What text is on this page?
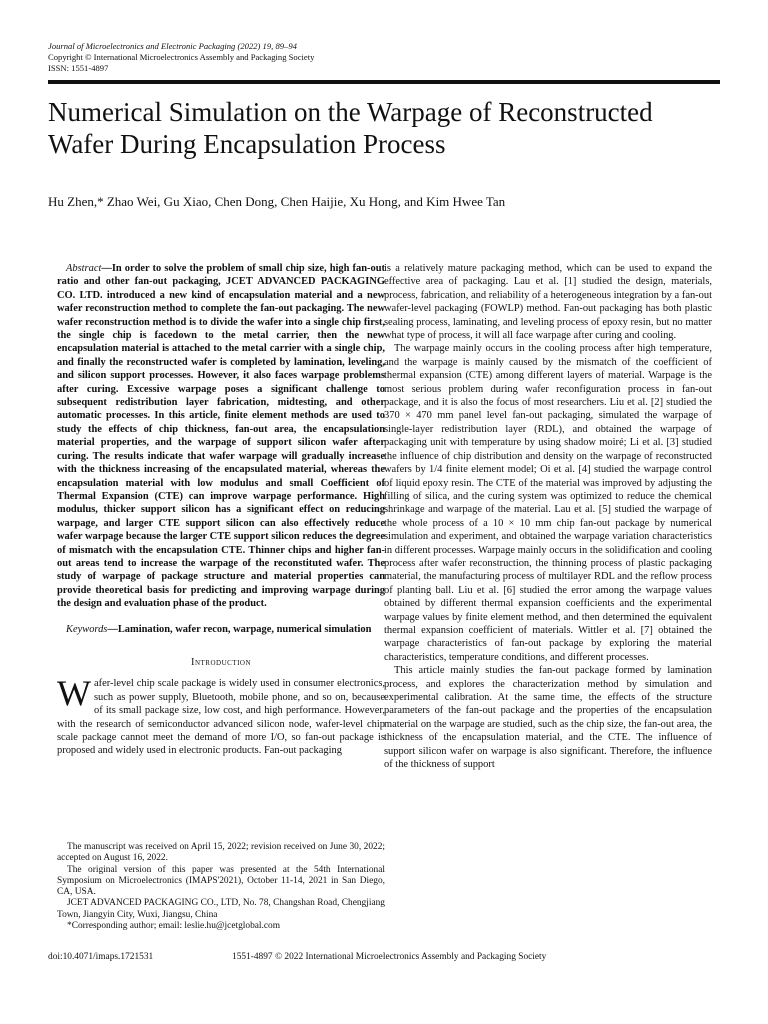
Journal of Microelectronics and Electronic Packaging (2022) 19, 89–94
Copyright © International Microelectronics Assembly and Packaging Society
ISSN: 1551-4897
Numerical Simulation on the Warpage of Reconstructed Wafer During Encapsulation Process
Hu Zhen,* Zhao Wei, Gu Xiao, Chen Dong, Chen Haijie, Xu Hong, and Kim Hwee Tan

Abstract—In order to solve the problem of small chip size, high fan-out ratio and other fan-out packaging, JCET ADVANCED PACKAGING CO. LTD. introduced a new kind of encapsulation material and a new wafer reconstruction method to complete the fan-out packaging. The new wafer reconstruction method is to divide the wafer into a single chip first, the single chip is facedown to the metal carrier, then the new encapsulation material is attached to the metal carrier with a single chip, and finally the reconstructed wafer is completed by lamination, leveling, and silicon support processes. However, it also faces warpage problems after curing. Excessive warpage poses a significant challenge to subsequent redistribution layer fabrication, midtesting, and other automatic processes. In this article, finite element methods are used to study the effects of chip thickness, fan-out area, the encapsulation material properties, and the warpage of support silicon wafer after curing. The results indicate that wafer warpage will gradually increase with the thickness increasing of the encapsulated material, whereas the encapsulation material with low modulus and small Coefficient of Thermal Expansion (CTE) can improve warpage performance. High modulus, thicker support silicon has a significant effect on reducing warpage, and larger CTE support silicon can also effectively reduce wafer warpage because the larger CTE support silicon reduces the degree of mismatch with the encapsulation CTE. Thinner chips and higher fan-out areas tend to increase the warpage of the reconstituted wafer. The study of warpage of package structure and material properties can provide theoretical basis for predicting and improving warpage during the design and evaluation phase of the product.

Keywords—Lamination, wafer recon, warpage, numerical simulation

Introduction

Wafer-level chip scale package is widely used in consumer electronics, such as power supply, Bluetooth, mobile phone, and so on, because of its small package size, low cost, and high performance. However, with the research of semiconductor advanced silicon node, wafer-level chip scale package cannot meet the demand of more I/O, so fan-out package is proposed and widely used in electronic products. Fan-out packaging

The manuscript was received on April 15, 2022; revision received on June 30, 2022; accepted on August 16, 2022.

The original version of this paper was presented at the 54th International Symposium on Microelectronics (IMAPS'2021), October 11-14, 2021 in San Diego, CA, USA.

JCET ADVANCED PACKAGING CO., LTD, No. 78, Changshan Road, Chengjiang Town, Jiangyin City, Wuxi, Jiangsu, China

*Corresponding author; email: leslie.hu@jcetglobal.com

is a relatively mature packaging method, which can be used to expand the effective area of packaging. Lau et al. [1] studied the design, materials, process, fabrication, and reliability of a heterogeneous integration by a fan-out wafer-level packaging (FOWLP) method. Fan-out packaging has both plastic sealing process, laminating, and leveling process of epoxy resin, but no matter what type of process, it will all face warpage after curing and cooling.

The warpage mainly occurs in the cooling process after high temperature, and the warpage is mainly caused by the mismatch of the coefficient of thermal expansion (CTE) among different layers of material. Warpage is the most serious problem during wafer reconfiguration process in fan-out package, and it is also the focus of most researchers. Liu et al. [2] studied the 370 × 470 mm panel level fan-out packaging, simulated the warpage of single-layer redistribution layer (RDL), and obtained the warpage of packaging unit with temperature by using shadow moiré; Li et al. [3] studied the influence of chip distribution and density on the warpage of reconstructed wafers by 1/4 finite element model; Oi et al. [4] studied the warpage control of liquid epoxy resin. The CTE of the material was improved by adjusting the filling of silica, and the curing system was optimized to reduce the chemical shrinkage and warpage of the material. Lau et al. [5] studied the warpage of the whole process of a 10 × 10 mm chip fan-out package by numerical simulation and experiment, and obtained the warpage variation characteristics in different processes. Warpage mainly occurs in the solidification and cooling process after wafer reconstruction, the thinning process of plastic packaging material, the manufacturing process of multilayer RDL and the reflow process of planting ball. Liu et al. [6] studied the error among the warpage values obtained by different thermal expansion coefficients and the experimental warpage values by finite element method, and then determined the equivalent thermal expansion coefficient of materials. Wittler et al. [7] obtained the warpage characteristics of fan-out package by exploring the material characteristics, temperature conditions, and different processes.

This article mainly studies the fan-out package formed by lamination process, and explores the characterization method by simulation and experimental calibration. At the same time, the effects of the structure parameters of the fan-out package and the properties of the encapsulation material on the warpage are studied, such as the chip size, the fan-out area, the thickness of the encapsulation material, and the CTE. The influence of support silicon wafer on warpage is also significant. Therefore, the influence of the thickness of support

doi:10.4071/imaps.1721531	1551-4897 © 2022 International Microelectronics Assembly and Packaging Society
